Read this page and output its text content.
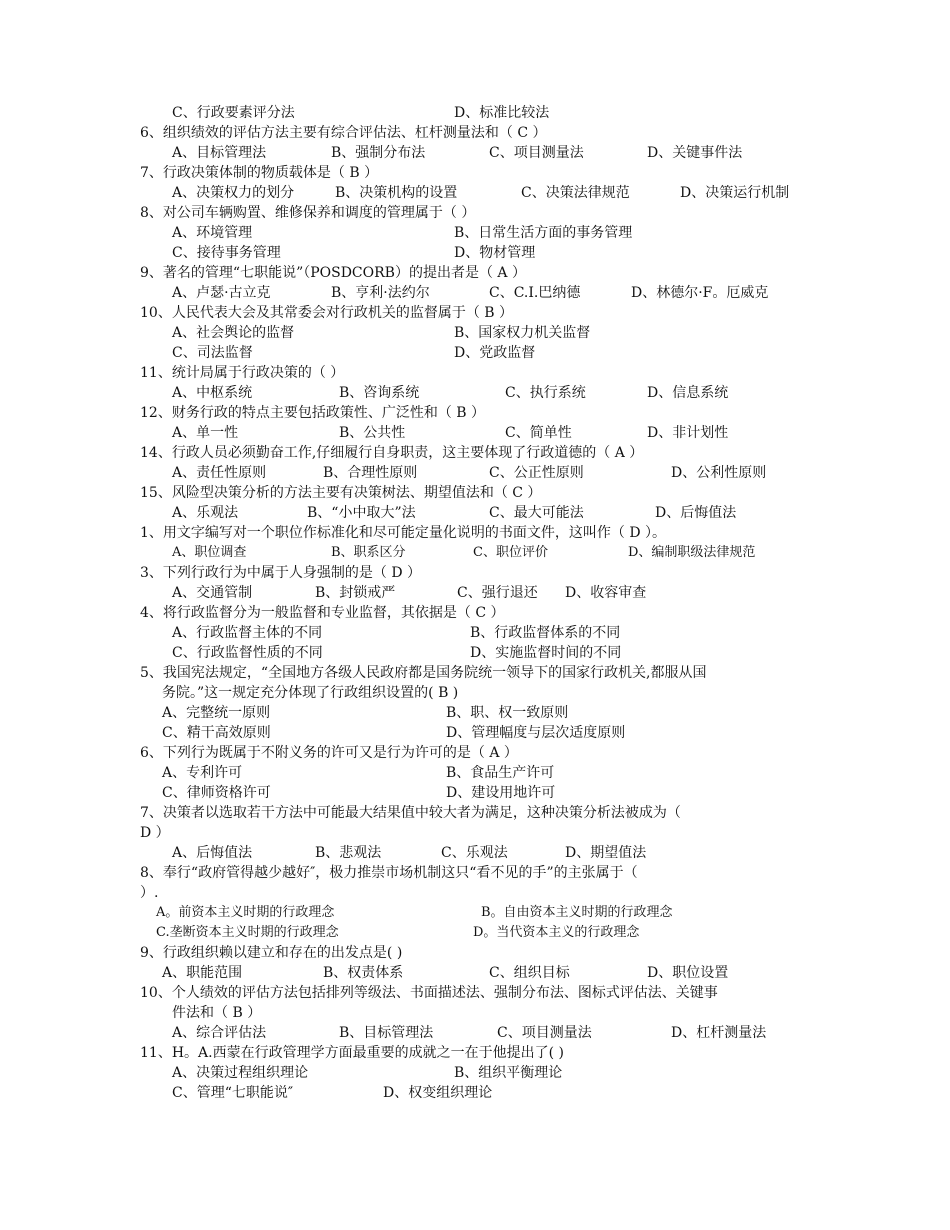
C、行政要素评分法	D、标准比较法
6、组织绩效的评估方法主要有综合评估法、杠杆测量法和（ C ）
A、目标管理法	B、强制分布法	C、项目测量法	D、关键事件法
7、行政决策体制的物质载体是（ B ）
A、决策权力的划分	B、决策机构的设置	C、决策法律规范	D、决策运行机制
8、对公司车辆购置、维修保养和调度的管理属于（ ）
A、环境管理	B、日常生活方面的事务管理
C、接待事务管理	D、物材管理
9、著名的管理“七职能说”（POSDCORB）的提出者是（ A ）
A、卢瑟·古立克	B、亨利·法约尔	C、C.I.巴纳德	D、林德尔·F。厄威克
10、人民代表大会及其常委会对行政机关的监督属于（ B ）
A、社会舆论的监督	B、国家权力机关监督
C、司法监督	D、党政监督
11、统计局属于行政决策的（ ）
A、中枢系统	B、咨询系统	C、执行系统	D、信息系统
12、财务行政的特点主要包括政策性、广泛性和（ B ）
A、单一性	B、公共性	C、简单性	D、非计划性
14、行政人员必须勤奋工作,仔细履行自身职责，这主要体现了行政道德的（ A ）
A、责任性原则	B、合理性原则	C、公正性原则	D、公利性原则
15、风险型决策分析的方法主要有决策树法、期望值法和（ C ）
A、乐观法	B、“小中取大”法	C、最大可能法	D、后悔值法
1、用文字编写对一个职位作标准化和尽可能定量化说明的书面文件，这叫作（ D ）。
A、职位调查	B、职系区分	C、职位评价	D、编制职级法律规范
3、下列行政行为中属于人身强制的是（ D ）
A、交通管制	B、封锁戒严	C、强行退还 D、收容审查
4、将行政监督分为一般监督和专业监督，其依据是（ C ）
A、行政监督主体的不同	B、行政监督体系的不同
C、行政监督性质的不同	D、实施监督时间的不同
5、我国宪法规定，“全国地方各级人民政府都是国务院统一领导下的国家行政机关,都服从国
务院。”这一规定充分体现了行政组织设置的( B )
A、完整统一原则	B、职、权一致原则
C、精干高效原则	D、管理幅度与层次适度原则
6、下列行为既属于不附义务的许可又是行为许可的是（ A ）
A、专利许可	B、食品生产许可
C、律师资格许可	D、建设用地许可
7、决策者以选取若干方法中可能最大结果值中较大者为满足，这种决策分析法被成为（
D ）
A、后悔值法	B、悲观法	C、乐观法	D、期望值法
8、奉行“政府管得越少越好″，极力推崇市场机制这只“看不见的手”的主张属于（
）.
A。前资本主义时期的行政理念	B。自由资本主义时期的行政理念
C.垄断资本主义时期的行政理念	D。当代资本主义的行政理念
9、行政组织赖以建立和存在的出发点是( )
A、职能范围	B、权责体系	C、组织目标	D、职位设置
10、个人绩效的评估方法包括排列等级法、书面描述法、强制分布法、图标式评估法、关键事
件法和（ B ）
A、综合评估法	B、目标管理法	C、项目测量法	D、杠杆测量法
11、H。A.西蒙在行政管理学方面最重要的成就之一在于他提出了( )
A、决策过程组织理论	B、组织平衡理论
C、管理“七职能说″	D、权变组织理论
